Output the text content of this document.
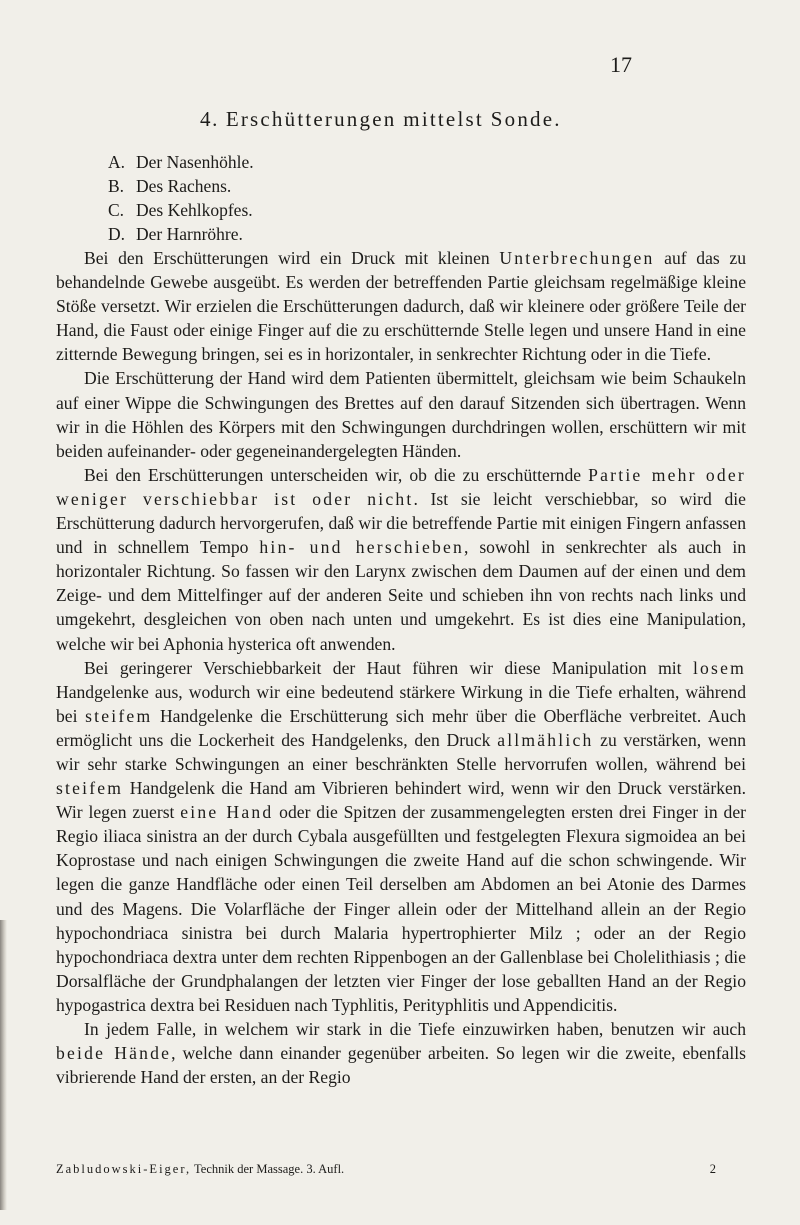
17
4. Erschütterungen mittelst Sonde.
A. Der Nasenhöhle.
B. Des Rachens.
C. Des Kehlkopfes.
D. Der Harnröhre.

Bei den Erschütterungen wird ein Druck mit kleinen Unterbrechungen auf das zu behandelnde Gewebe ausgeübt. Es werden der betreffenden Partie gleichsam regelmäßige kleine Stöße versetzt. Wir erzielen die Erschütterungen dadurch, daß wir kleinere oder größere Teile der Hand, die Faust oder einige Finger auf die zu erschütternde Stelle legen und unsere Hand in eine zitternde Bewegung bringen, sei es in horizontaler, in senkrechter Richtung oder in die Tiefe.

Die Erschütterung der Hand wird dem Patienten übermittelt, gleichsam wie beim Schaukeln auf einer Wippe die Schwingungen des Brettes auf den darauf Sitzenden sich übertragen. Wenn wir in die Höhlen des Körpers mit den Schwingungen durchdringen wollen, erschüttern wir mit beiden aufeinander- oder gegeneinandergelegten Händen.

Bei den Erschütterungen unterscheiden wir, ob die zu erschütternde Partie mehr oder weniger verschiebbar ist oder nicht. Ist sie leicht verschiebbar, so wird die Erschütterung dadurch hervorgerufen, daß wir die betreffende Partie mit einigen Fingern anfassen und in schnellem Tempo hin- und herschieben, sowohl in senkrechter als auch in horizontaler Richtung. So fassen wir den Larynx zwischen dem Daumen auf der einen und dem Zeige- und dem Mittelfinger auf der anderen Seite und schieben ihn von rechts nach links und umgekehrt, desgleichen von oben nach unten und umgekehrt. Es ist dies eine Manipulation, welche wir bei Aphonia hysterica oft anwenden.

Bei geringerer Verschiebbarkeit der Haut führen wir diese Manipulation mit losem Handgelenke aus, wodurch wir eine bedeutend stärkere Wirkung in die Tiefe erhalten, während bei steifem Handgelenke die Erschütterung sich mehr über die Oberfläche verbreitet. Auch ermöglicht uns die Lockerheit des Handgelenks, den Druck allmählich zu verstärken, wenn wir sehr starke Schwingungen an einer beschränkten Stelle hervorrufen wollen, während bei steifem Handgelenk die Hand am Vibrieren behindert wird, wenn wir den Druck verstärken. Wir legen zuerst eine Hand oder die Spitzen der zusammengelegten ersten drei Finger in der Regio iliaca sinistra an der durch Cybala ausgefüllten und festgelegten Flexura sigmoidea an bei Koprostase und nach einigen Schwingungen die zweite Hand auf die schon schwingende. Wir legen die ganze Handfläche oder einen Teil derselben am Abdomen an bei Atonie des Darmes und des Magens. Die Volarfläche der Finger allein oder der Mittelhand allein an der Regio hypochondriaca sinistra bei durch Malaria hypertrophierter Milz ; oder an der Regio hypochondriaca dextra unter dem rechten Rippenbogen an der Gallenblase bei Cholelithiasis ; die Dorsalfläche der Grundphalangen der letzten vier Finger der lose geballten Hand an der Regio hypogastrica dextra bei Residuen nach Typhlitis, Perityphlitis und Appendicitis.

In jedem Falle, in welchem wir stark in die Tiefe einzuwirken haben, benutzen wir auch beide Hände, welche dann einander gegenüber arbeiten. So legen wir die zweite, ebenfalls vibrierende Hand der ersten, an der Regio

Zabludowski-Eiger, Technik der Massage. 3. Aufl.	2
